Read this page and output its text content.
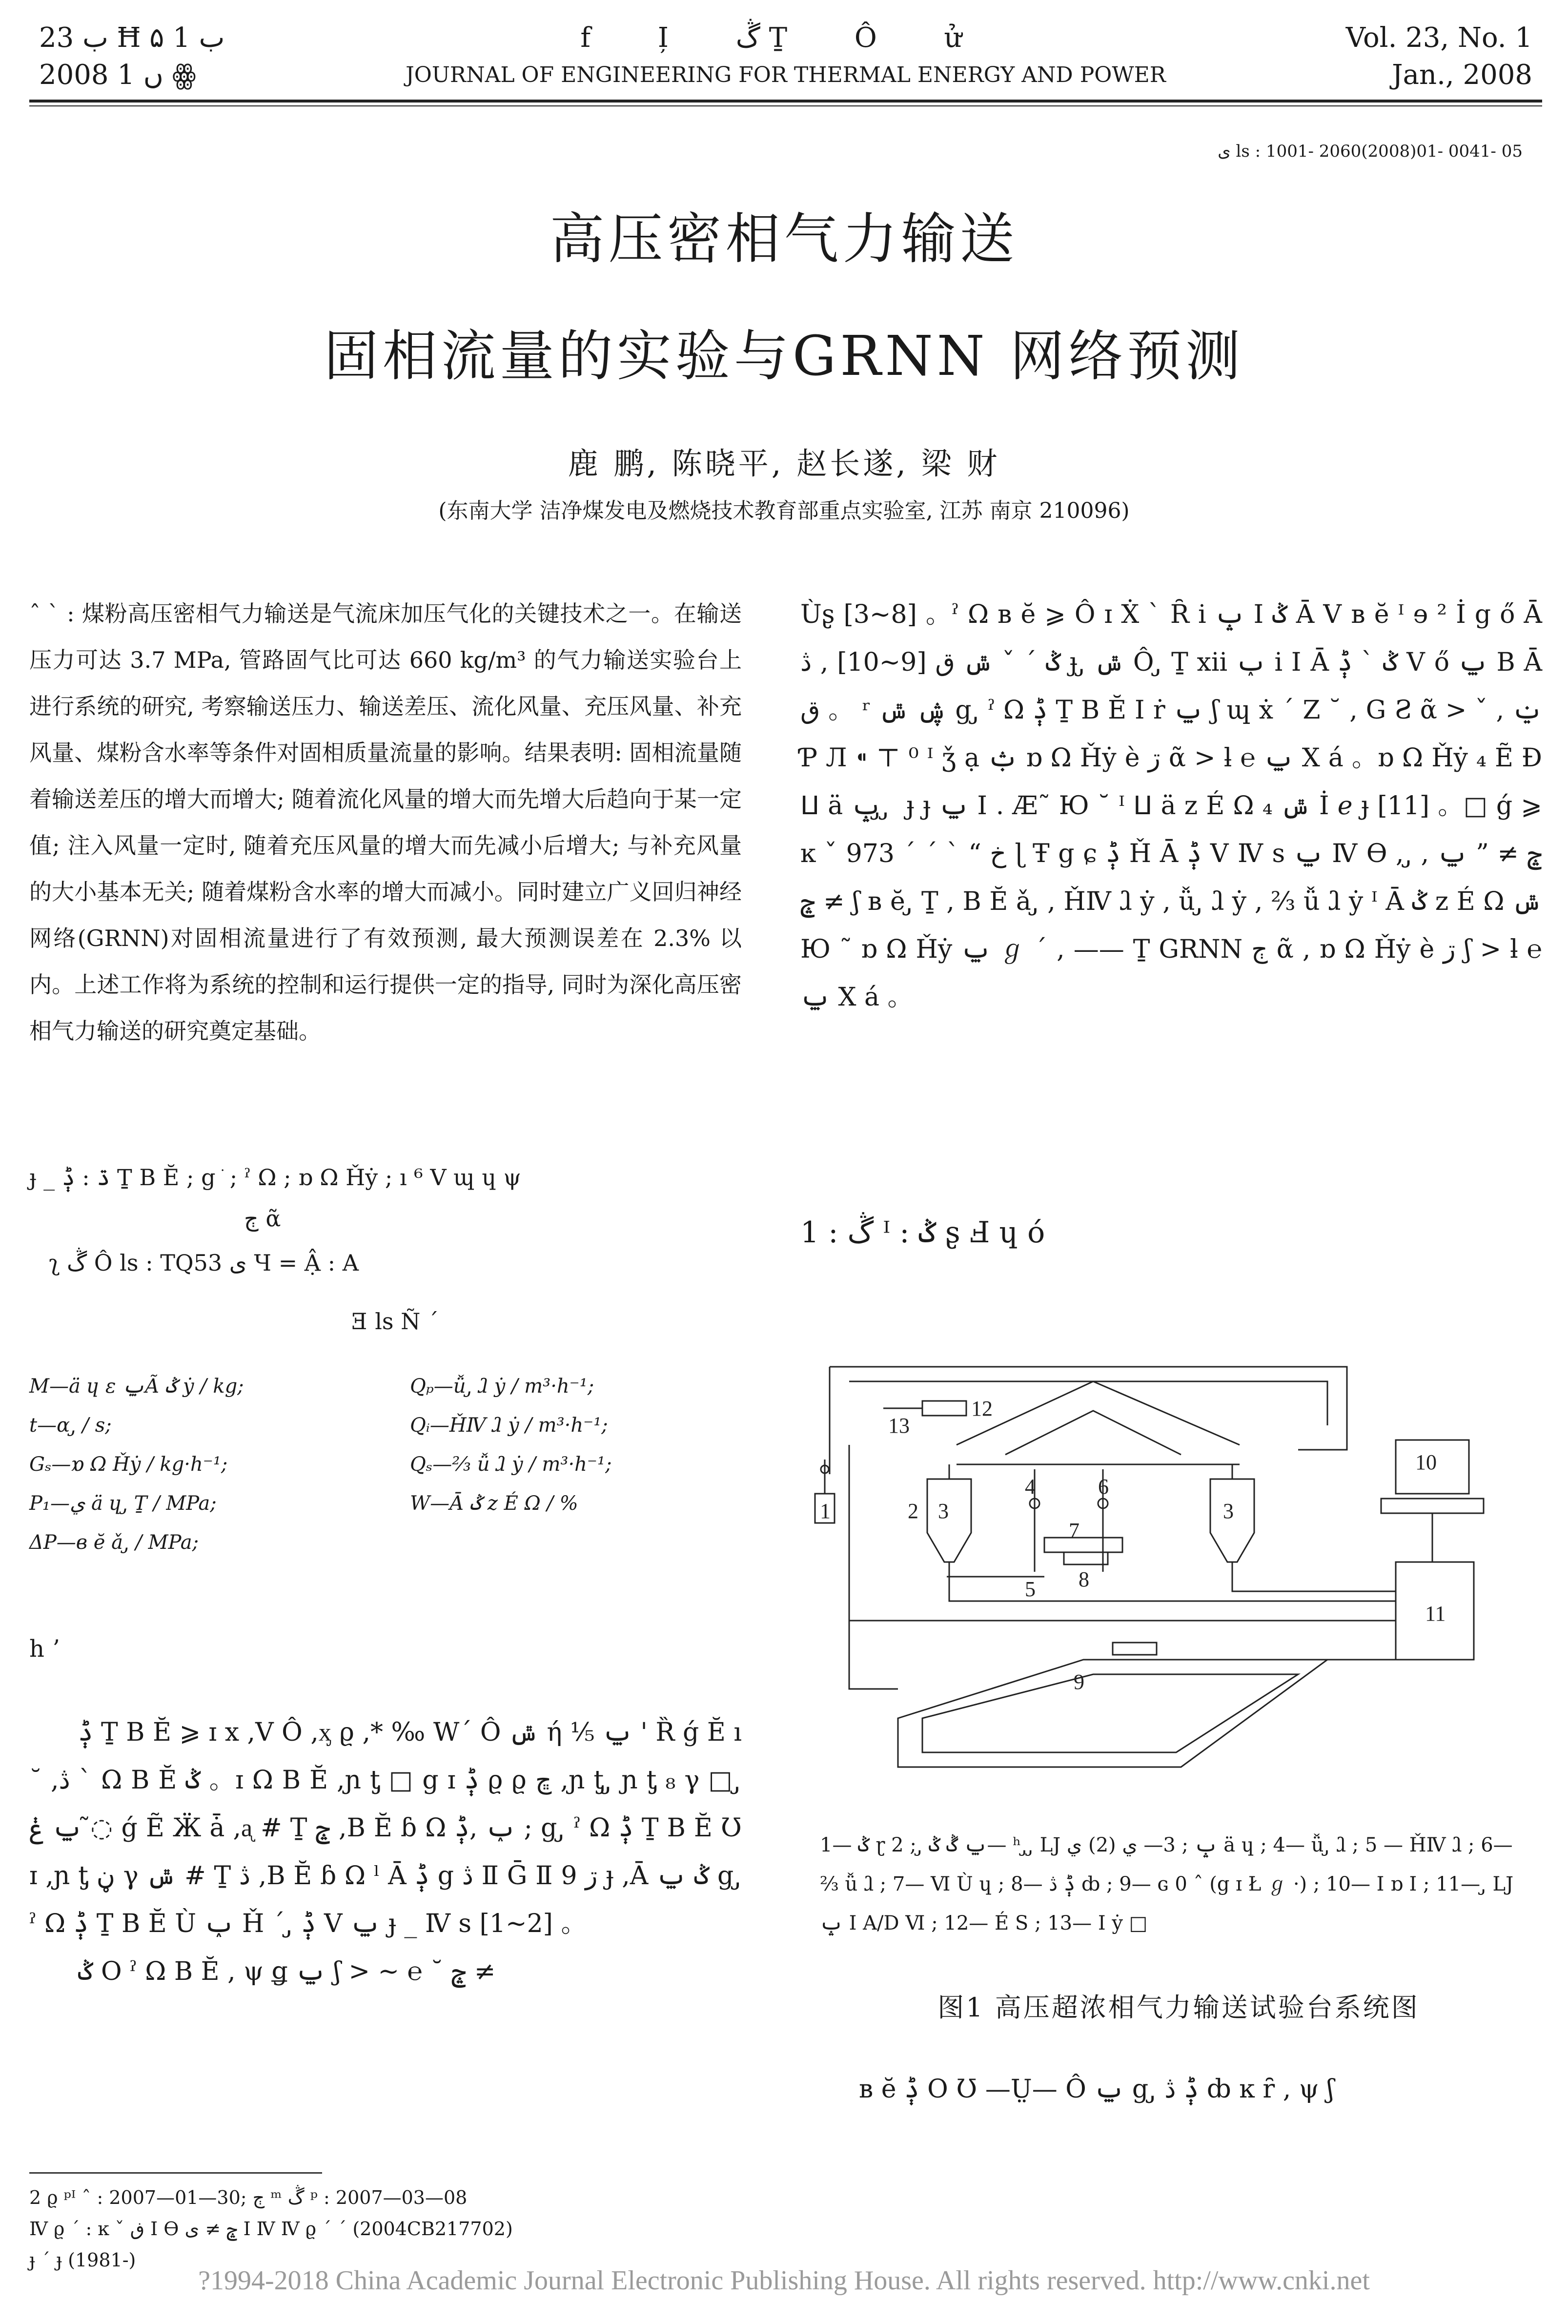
ب 23 Ħ ب 1 ۵
2008 ں 1 ꙮ
f I̦ ڴ Ṯ Ô ử
JOURNAL OF ENGINEERING FOR THERMAL ENERGY AND POWER
Vol. 23, No. 1
Jan., 2008
ى ls : 1001- 2060(2008)01- 0041- 05
高压密相气力输送
固相流量的实验与GRNN 网络预测
鹿 鹏, 陈晓平, 赵长遂, 梁 财
(东南大学 洁净煤发电及燃烧技术教育部重点实验室, 江苏 南京 210096)
ˆ ˋ : 煤粉高压密相气力输送是气流床加压气化的关键技术之一。在输送压力可达 3.7 MPa, 管路固气比可达 660 kg/m³ 的气力输送实验台上进行系统的研究, 考察输送压力、输送差压、流化风量、充压风量、补充风量、煤粉含水率等条件对固相质量流量的影响。结果表明: 固相流量随着输送差压的增大而增大; 随着流化风量的增大而先增大后趋向于某一定值; 注入风量一定时, 随着充压风量的增大而先减小后增大; 与补充风量的大小基本无关; 随着煤粉含水率的增大而减小。同时建立广义回归神经网络(GRNN)对固相流量进行了有效预测, 最大预测误差在 2.3% 以内。上述工作将为系统的控制和运行提供一定的指导, 同时为深化高压密相气力输送的研究奠定基础。
ɟ _ ڌ : ݙ Ṯ B Ĕ ; g ֺ ; ˀ Ω ; ɒ Ω Ȟẏ ; ı ⁶ Ⅴ ɰ ɥ ψ
ڄ ᾶ
ʅ ڴ Ô ls : TQ53 ى Ɥ = Ậ : A
Ǝ ls Ñ ˊ
M—ä ɥ ɛ ݐÃ ݣ ẏ / kg;	Qₚ—ǚ ̡ ⱹ ẏ / m³·h⁻¹;
t—ɑ ̡ / s;	Qᵢ—ȞⅣ ⱹ ẏ / m³·h⁻¹;
Gₛ—ɒ Ω Ȟẏ / kg·h⁻¹;	Qₛ—⅔ ǚ ⱹ ẏ / m³·h⁻¹;
P₁—ي ä ɥ ̡ Ṯ / MPa;	W—Ā ݣ z É Ω / %
ΔP—в ĕ ǎ ̡ / MPa;
h ʼ
ݙ Ṯ B Ĕ ⩾ ɪ x ,Ⅴ Ô ,ᶍ ϱ ,* ‰ Wˊ Ô ݜ ή ⅕ ݐ ꞌ Ȑ ǵ Ĕ ı ˘ ,ڎ ˋ Ω B Ĕ ݣ 。ɪ Ω B Ĕ ,ɲ ƫ □ g ɪ ݙ ϱ ϱ ڇ ,ɲ ƫ ̡ ɲ ƫ ₈ γ □ ̡ ݐ ݟ ◌̃ ǵ Ẽ Ӝ ǡ ,ᶏ # Ṯ ݘ ,B Ĕ ɓ Ω ݕ ,ݙ ; g ̡ ˀ Ω ݙ Ṯ B Ĕ Ʊ ɪ ,ɲ ƫ ڼ γ ݜ # Ṯ ڎ ,B Ĕ ɓ Ω ˡ Ā ݙ g ڎ Ⅱ Ḡ Ⅱ 9 ڗ ɟ ,Ā ݣ ݐ g ̡ ˀ Ω ݙ Ṯ B Ĕ Ù ݕ Ȟ ˊ ̡ ݙ Ⅴ ݐ ɟ _ Ⅳ s [1~2] 。
ݣ O ˀ Ω B Ĕ , ψ ǥ ݐ ʃ > ~ ℮ ˘ ݘ ≠
2 ϱ ᵖᴵ ˆ : 2007—01—30; ڄ ᵐ ڴ ᵖ : 2007—03—08
Ⅳ ϱ ˊ : ĸ ˇ ڧ Ⅰ Ө ݘ ≠ ى Ⅰ Ⅳ Ⅳ ϱ ˊ ˊ (2004CB217702)
ɟ ˊ ɟ (1981-)
Ùʂ [3~8] 。ˀ Ω в ĕ ⩾ Ô ɪ Ẋ ˋ Ȓ i ݒ I ݣ Ā Ⅴ в ĕ ᴵ ɘ ² İ g ő Ā ݣ ˊ ˇ ݜ ق [9~10] , ڎ ɟ ̡ ݜ Ô ̡ Ṯ xii ݕ i Ⅰ Ā ݣ ˋ ݙ Ⅴ ő ݐ B Ā ق 。 ʳ ڜ ݜ g ̡ ˀ Ω ݙ Ṯ B Ĕ Ⅰ ṙ ݐ ʃ ɰ ẋ ˊ Z ˘ , G Ƨ ᾶ > ˇ , ݔ Ƥ Л ⁌ ⊤ ⁰ ᴵ ǯ ạ ݑ ɒ Ω Ȟẏ è ڗ ᾶ > ƚ ℮ ݐ X á 。ɒ Ω Ȟẏ ₄ Ẽ Ɖ ⵡ ä ݒ ̡ ̡ ɟ ɟ ݐ Ⅰ . Æ˜ Ю ˘ ᴵ ⵡ ä z É Ω ݜ ₄ İ ℯ ɟ [11] 。□ ǵ ⩾ ĸ ˇ 973 ˊ ˊ ˋ “ خ ɭ Ŧ g ɕ ݙ Ȟ Ā ݙ Ⅴ Ⅳ s ݐ Ⅳ Ө ݘ ≠ ” ݐ , ̡ , ݘ ≠ ʃ в ĕ ̡ Ṯ , B Ĕ ǎ ̡ , ȞⅣ ⱹ ẏ , ǚ ̡ ⱹ ẏ , ⅔ ǚ ⱹ ẏ ᴵ Ā ݣ z É Ω ݜ Ю ˜ ɒ Ω Ȟẏ ݐ ℊ ˊ , —— Ṯ GRNN ڄ ᾶ , ɒ Ω Ȟẏ è ڗ ʃ > ƚ ℮ ݐ X á 。
1 : ڴ ᴵ : ݣ ʂ Ⅎ ɥ ó
1	2 3	3
4
5
6
7
8
9
10
11
12
13
1— ݣ ɽ ݐ ڴ ݣ ̡ ; 2— ʰ ̡ ̡ LJ ݒ ; 3— ي (2) ي ä ɥ ; 4— ǚ ̡ ⱹ ; 5 — ȞⅣ ⱹ ; 6— ⅔ ǚ ⱹ ; 7— Ⅵ Ù ɥ ; 8— ݙ ڎ ȸ ; 9— ɢ 0 ˆ (g ɪ Ł ℊ ·) ; 10— Ⅰ ɒ Ⅰ ; 11— ̡ LJ ݒ Ⅰ A/D Ⅵ ; 12— É S ; 13— Ⅰ ẏ □
图1 高压超浓相气力输送试验台系统图
в ĕ ݙ O Ʊ —Ṳ— Ô ݐ g ̡ ݙ ڎ ȸ ĸ ȓ , ψ ʃ
?1994-2018 China Academic Journal Electronic Publishing House. All rights reserved. http://www.cnki.net
